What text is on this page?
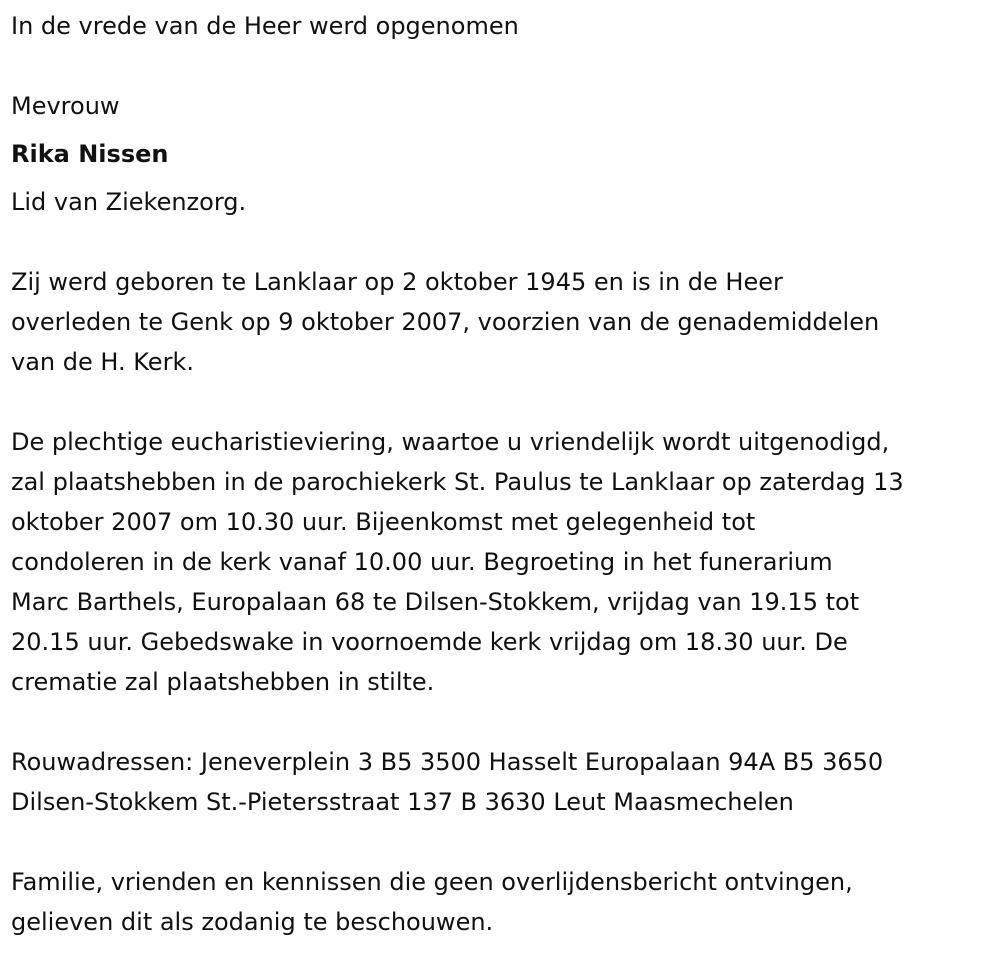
In de vrede van de Heer werd opgenomen

Mevrouw

Rika Nissen

Lid van Ziekenzorg.

Zij werd geboren te Lanklaar op 2 oktober 1945 en is in de Heer

overleden te Genk op 9 oktober 2007, voorzien van de genademiddelen

van de H. Kerk.

De plechtige eucharistieviering, waartoe u vriendelijk wordt uitgenodigd,

zal plaatshebben in de parochiekerk St. Paulus te Lanklaar op zaterdag 13

oktober 2007 om 10.30 uur. Bijeenkomst met gelegenheid tot

condoleren in de kerk vanaf 10.00 uur. Begroeting in het funerarium

Marc Barthels, Europalaan 68 te Dilsen-Stokkem, vrijdag van 19.15 tot

20.15 uur. Gebedswake in voornoemde kerk vrijdag om 18.30 uur. De

crematie zal plaatshebben in stilte.

Rouwadressen: Jeneverplein 3 B5 3500 Hasselt Europalaan 94A B5 3650

Dilsen-Stokkem St.-Pietersstraat 137 B 3630 Leut Maasmechelen

Familie, vrienden en kennissen die geen overlijdensbericht ontvingen,

gelieven dit als zodanig te beschouwen.
